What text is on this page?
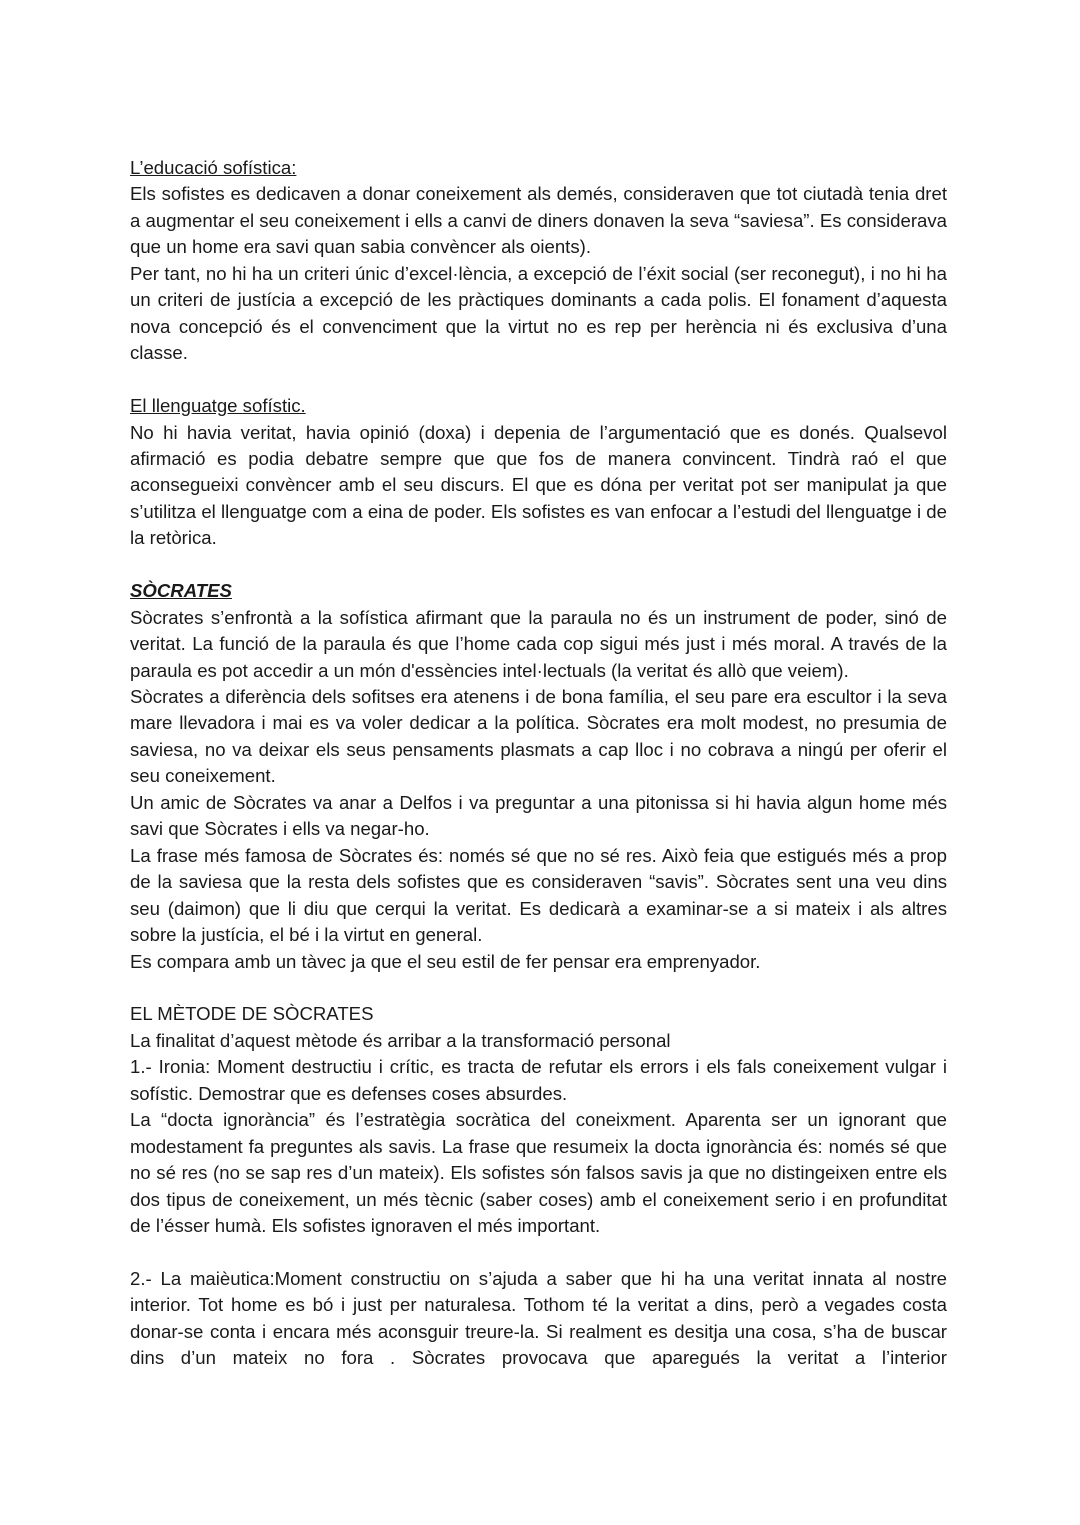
L’educació sofística:

Els sofistes es dedicaven a donar coneixement als demés, consideraven que tot ciutadà tenia dret a augmentar el seu coneixement i ells a canvi de diners donaven la seva “saviesa”. Es considerava que un home era savi quan sabia convèncer als oients).

Per tant, no hi ha un criteri únic d’excel·lència, a excepció de l’éxit social (ser reconegut), i no hi ha un criteri de justícia a excepció de les pràctiques dominants a cada polis. El fonament d’aquesta nova concepció és el convenciment que la virtut no es rep per herència ni és exclusiva d’una classe.

El llenguatge sofístic.

No hi havia veritat, havia opinió (doxa) i depenia de l’argumentació que es donés. Qualsevol afirmació es podia debatre sempre que que fos de manera convincent. Tindrà raó el que aconsegueixi convèncer amb el seu discurs. El que es dóna per veritat pot ser manipulat ja que s’utilitza el llenguatge com a eina de poder. Els sofistes es van enfocar a l’estudi del llenguatge i de la retòrica.

SÒCRATES

Sòcrates s’enfrontà a la sofística afirmant que la paraula no és un instrument de poder, sinó de veritat. La funció de la paraula és que l’home cada cop sigui més just i més moral. A través de la paraula es pot accedir a un món d'essències intel·lectuals (la veritat és allò que veiem).

Sòcrates a diferència dels sofitses era atenens i de bona família, el seu pare era escultor i la seva mare llevadora i mai es va voler dedicar a la política. Sòcrates era molt modest, no presumia de saviesa, no va deixar els seus pensaments plasmats a cap lloc i no cobrava a ningú per oferir el seu coneixement.

Un amic de Sòcrates va anar a Delfos i va preguntar a una pitonissa si hi havia algun home més savi que Sòcrates i ells va negar-ho.

La frase més famosa de Sòcrates és: només sé que no sé res. Això feia que estigués més a prop de la saviesa que la resta dels sofistes que es consideraven “savis”. Sòcrates sent una veu dins seu (daimon) que li diu que cerqui la veritat. Es dedicarà a examinar-se a si mateix i als altres sobre la justícia, el bé i la virtut en general.

Es compara amb un tàvec ja que el seu estil de fer pensar era emprenyador.

EL MÈTODE DE SÒCRATES

La finalitat d’aquest mètode és arribar a la transformació personal

1.- Ironia: Moment destructiu i crític, es tracta de refutar els errors i els fals coneixement vulgar i sofístic. Demostrar que es defenses coses absurdes.

La “docta ignorància” és l’estratègia socràtica del coneixment. Aparenta ser un ignorant que modestament fa preguntes als savis. La frase que resumeix la docta ignorància és: només sé que no sé res (no se sap res d’un mateix). Els sofistes són falsos savis ja que no distingeixen entre els dos tipus de coneixement, un més tècnic (saber coses) amb el coneixement serio i en profunditat de l’ésser humà. Els sofistes ignoraven el més important.

2.- La maièutica:Moment constructiu on s’ajuda a saber que hi ha una veritat innata al nostre interior. Tot home es bó i just per naturalesa. Tothom té la veritat a dins, però a vegades costa donar-se conta i encara més aconsguir treure-la. Si realment es desitja una cosa, s’ha de buscar dins d’un mateix no fora . Sòcrates provocava que aparegués la veritat a l’interior
